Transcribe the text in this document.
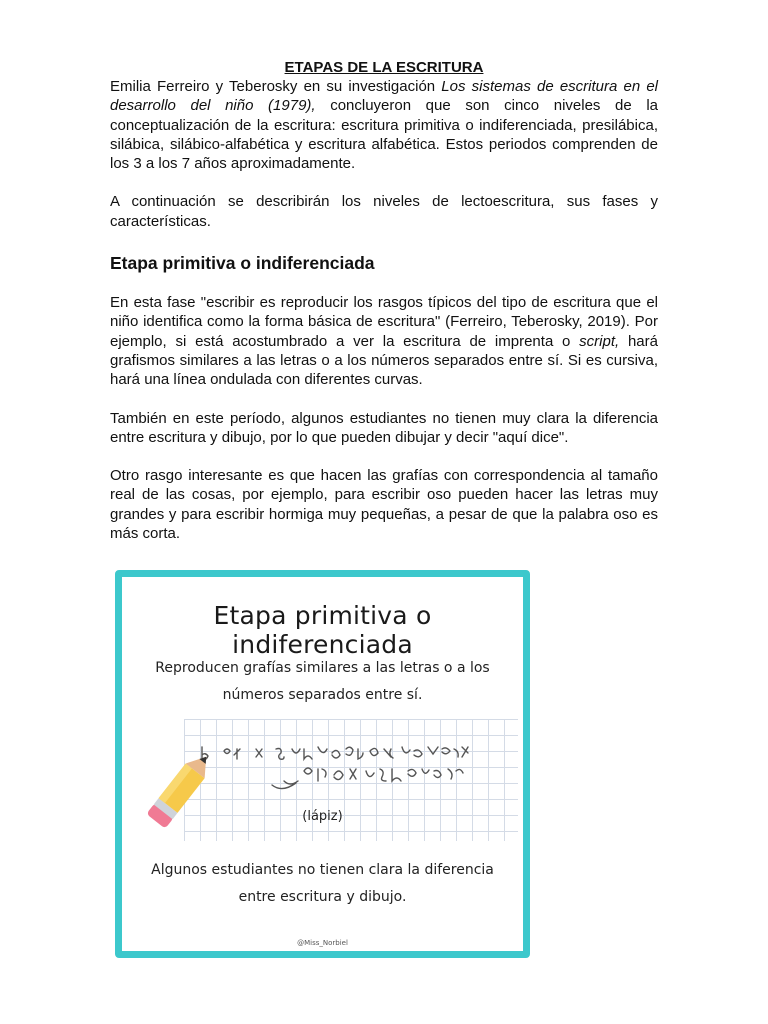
ETAPAS DE LA ESCRITURA

Emilia Ferreiro y Teberosky en su investigación Los sistemas de escritura en el desarrollo del niño (1979), concluyeron que son cinco niveles de la conceptualización de la escritura: escritura primitiva o indiferenciada, presilábica, silábica, silábico-alfabética y escritura alfabética. Estos periodos comprenden de los 3 a los 7 años aproximadamente.

A continuación se describirán los niveles de lectoescritura, sus fases y características.

Etapa primitiva o indiferenciada

En esta fase "escribir es reproducir los rasgos típicos del tipo de escritura que el niño identifica como la forma básica de escritura" (Ferreiro, Teberosky, 2019). Por ejemplo, si está acostumbrado a ver la escritura de imprenta o script, hará grafismos similares a las letras o a los números separados entre sí. Si es cursiva, hará una línea ondulada con diferentes curvas.

También en este período, algunos estudiantes no tienen muy clara la diferencia entre escritura y dibujo, por lo que pueden dibujar y decir "aquí dice".

Otro rasgo interesante es que hacen las grafías con correspondencia al tamaño real de las cosas, por ejemplo, para escribir oso pueden hacer las letras muy grandes y para escribir hormiga muy pequeñas, a pesar de que la palabra oso es más corta.

Etapa primitiva o indiferenciada
Reproducen grafías similares a las letras o a los números separados entre sí.
(lápiz)
Algunos estudiantes no tienen clara la diferencia entre escritura y dibujo.
@Miss_Norbiel
